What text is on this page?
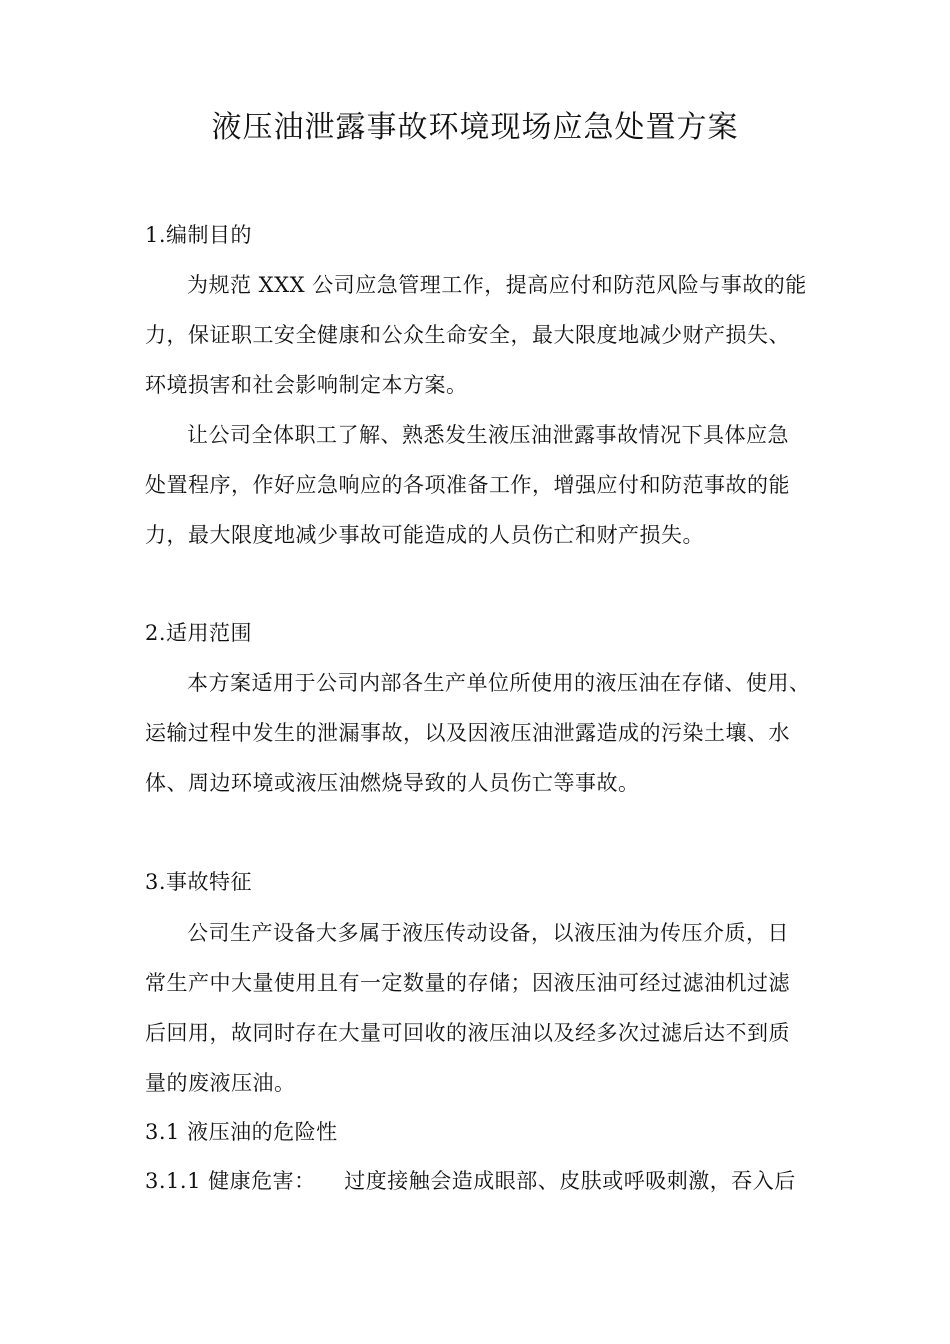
液压油泄露事故环境现场应急处置方案
1.编制目的
为规范 XXX 公司应急管理工作，提高应付和防范风险与事故的能
力，保证职工安全健康和公众生命安全，最大限度地减少财产损失、
环境损害和社会影响制定本方案。
让公司全体职工了解、熟悉发生液压油泄露事故情况下具体应急
处置程序，作好应急响应的各项准备工作，增强应付和防范事故的能
力，最大限度地减少事故可能造成的人员伤亡和财产损失。
2.适用范围
本方案适用于公司内部各生产单位所使用的液压油在存储、使用、
运输过程中发生的泄漏事故，以及因液压油泄露造成的污染土壤、水
体、周边环境或液压油燃烧导致的人员伤亡等事故。
3.事故特征
公司生产设备大多属于液压传动设备，以液压油为传压介质，日
常生产中大量使用且有一定数量的存储；因液压油可经过滤油机过滤
后回用，故同时存在大量可回收的液压油以及经多次过滤后达不到质
量的废液压油。
3.1 液压油的危险性
3.1.1 健康危害：    过度接触会造成眼部、皮肤或呼吸刺激，吞入后
